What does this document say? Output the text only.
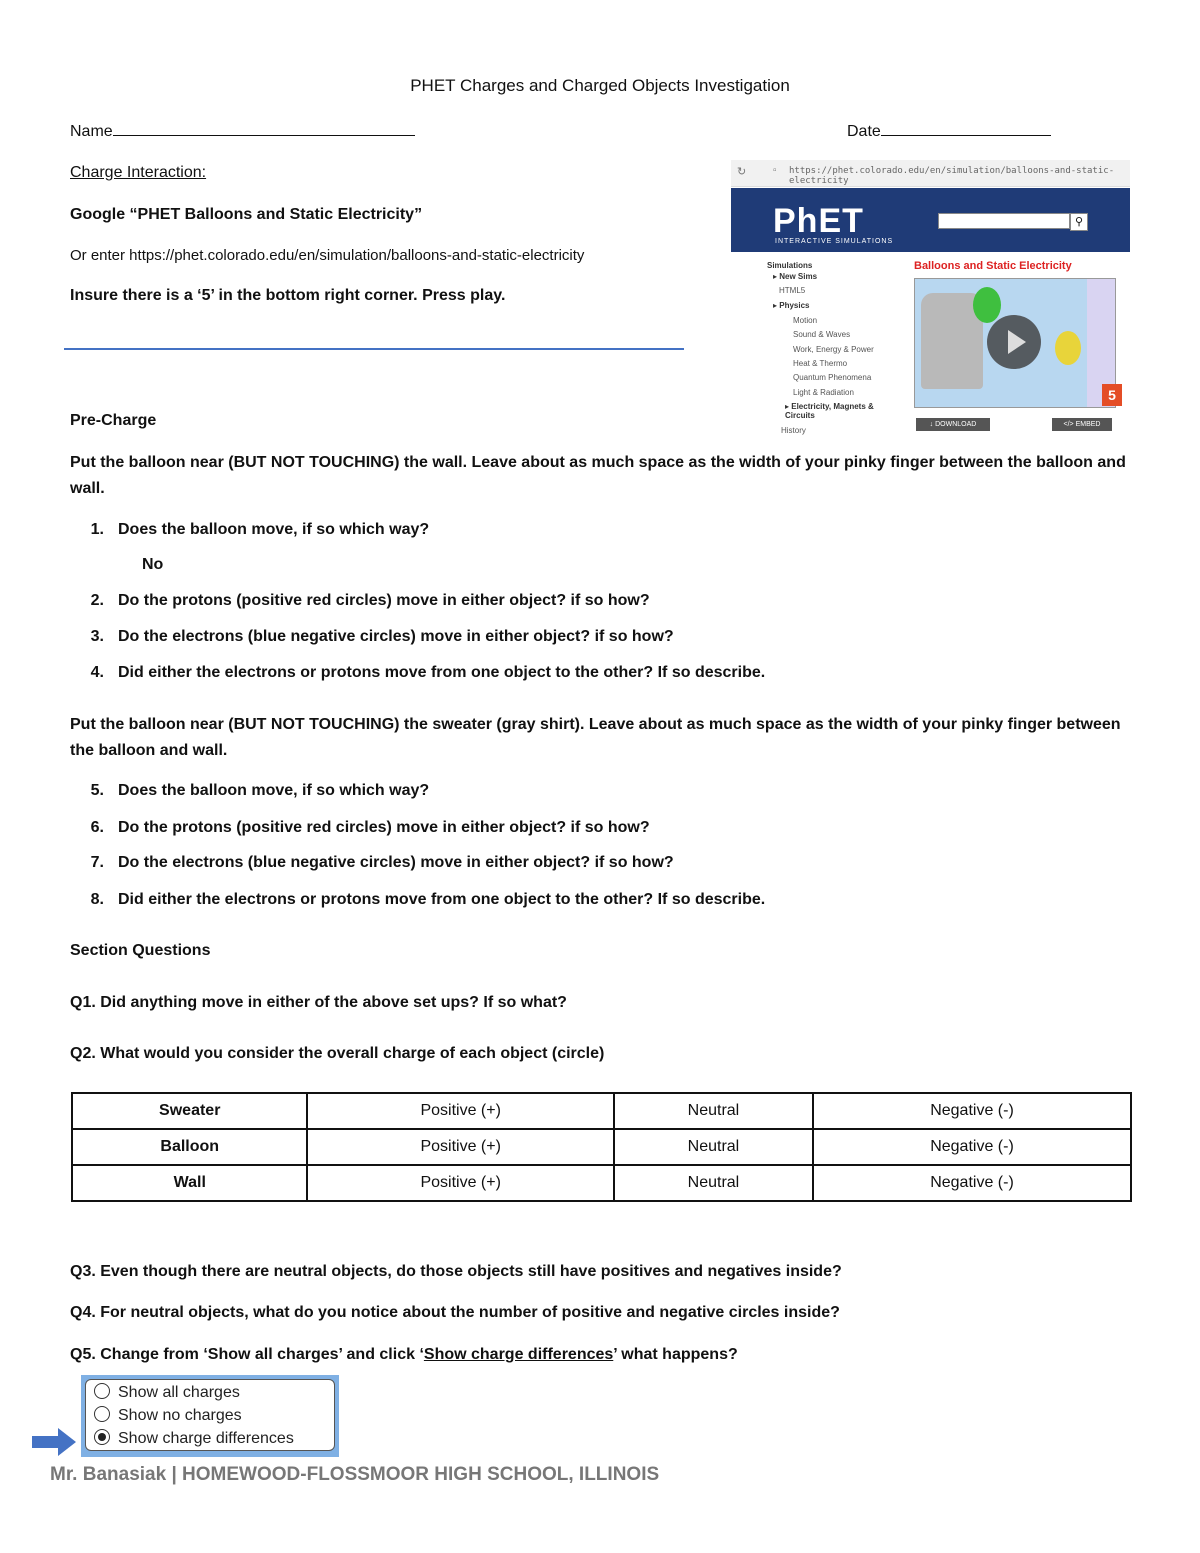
PHET Charges and Charged Objects Investigation
Name	Date
Charge Interaction:
Google “PHET Balloons and Static Electricity”
Or enter https://phet.colorado.edu/en/simulation/balloons-and-static-electricity
Insure there is a ‘5’ in the bottom right corner. Press play.
↻	▫ https://phet.colorado.edu/en/simulation/balloons-and-static-electricity
PhET
INTERACTIVE SIMULATIONS
⚲
Simulations
▸ New Sims
HTML5
▸ Physics
Motion
Sound & Waves
Work, Energy & Power
Heat & Thermo
Quantum Phenomena
Light & Radiation
▸ Electricity, Magnets & Circuits
History
Balloons and Static Electricity
5
↓ DOWNLOAD	</> EMBED
Pre-Charge
Put the balloon near (BUT NOT TOUCHING) the wall. Leave about as much space as the width of your pinky finger between the balloon and wall.
1. Does the balloon move, if so which way?
No
2. Do the protons (positive red circles) move in either object? if so how?
3. Do the electrons (blue negative circles) move in either object? if so how?
4. Did either the electrons or protons move from one object to the other? If so describe.
Put the balloon near (BUT NOT TOUCHING) the sweater (gray shirt). Leave about as much space as the width of your pinky finger between the balloon and wall.
5. Does the balloon move, if so which way?
6. Do the protons (positive red circles) move in either object? if so how?
7. Do the electrons (blue negative circles) move in either object? if so how?
8. Did either the electrons or protons move from one object to the other? If so describe.
Section Questions
Q1. Did anything move in either of the above set ups? If so what?
Q2. What would you consider the overall charge of each object (circle)
Sweater	Positive (+)	Neutral	Negative (-)
Balloon	Positive (+)	Neutral	Negative (-)
Wall	Positive (+)	Neutral	Negative (-)
Q3. Even though there are neutral objects, do those objects still have positives and negatives inside?
Q4. For neutral objects, what do you notice about the number of positive and negative circles inside?
Q5. Change from ‘Show all charges’ and click ‘Show charge differences’ what happens?
Show all charges
Show no charges
Show charge differences
Mr. Banasiak | HOMEWOOD-FLOSSMOOR HIGH SCHOOL, ILLINOIS
